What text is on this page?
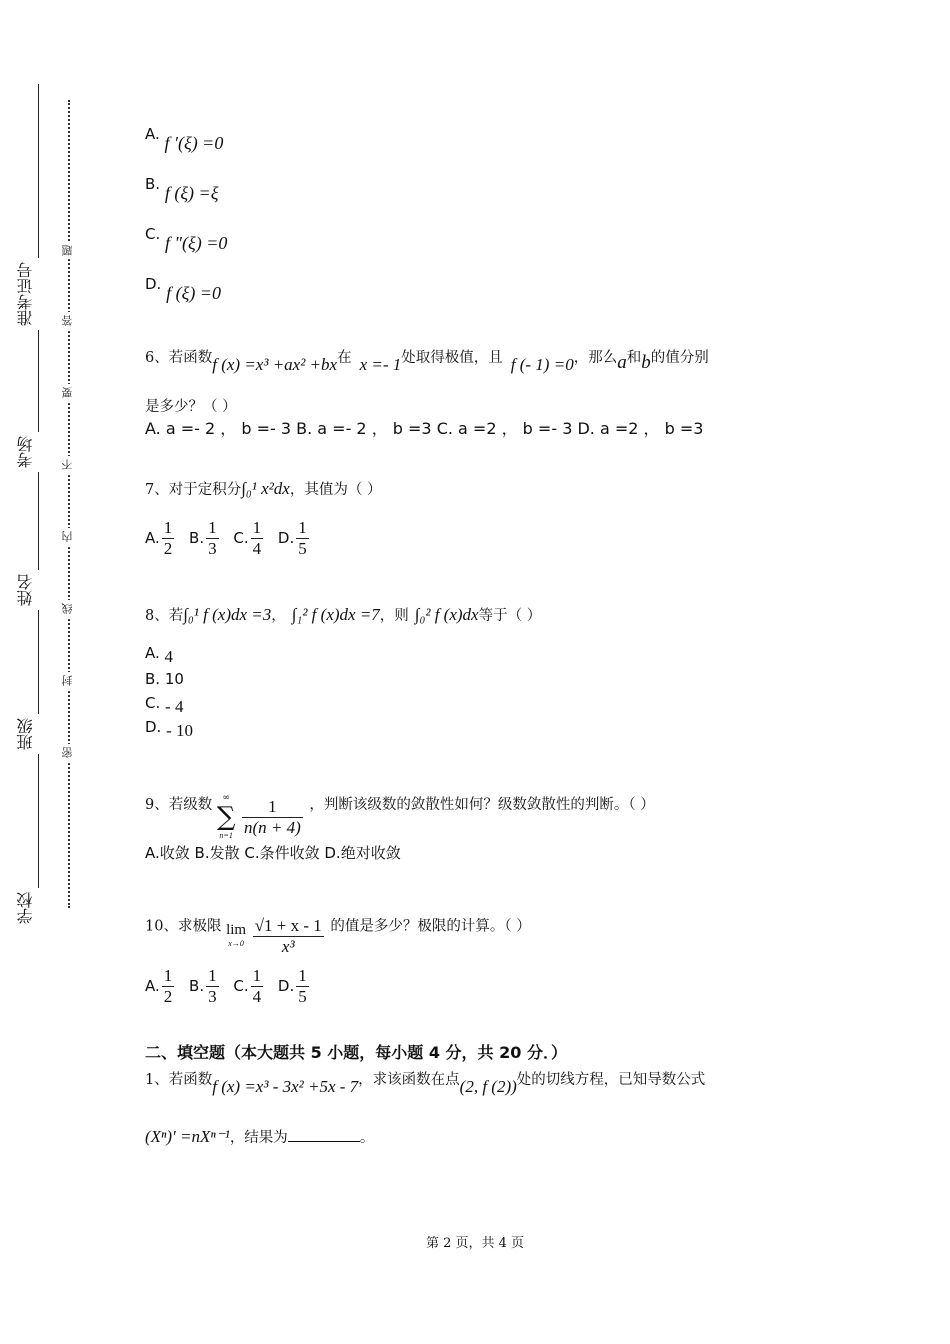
准考证号
考场
姓名
班级
学校
题
答
要
不
内
线
封
密
A. f ′(ξ) =0
B. f (ξ) =ξ
C. f ″(ξ) =0
D. f (ξ) =0
6、若函数f (x) =x³ +ax² +bx在 x =- 1处取得极值，且 f (- 1) =0，那么a和b的值分别
是多少？（ ）
A. a =- 2 ， b =- 3 B. a =- 2 ， b =3 C. a =2 ， b =- 3 D. a =2 ， b =3
7、对于定积分∫₀¹ x²dx，其值为（ ）
A. $\frac{1}{2} B$. $\frac{1}{3} C$. $\frac{1}{4} D$. $\frac{1}{5}$
8、若∫₀¹ f (x)dx =3， ∫₁² f (x)dx =7，则 ∫₀² f (x)dx等于（ ）
A. 4
B. 10
C. - 4
D. - 10
9、若级数	∞
∑
n=1
$\frac{1}{n(n + 4)}$ ，判断该级数的敛散性如何？级数敛散性的判断。（ ）
A.收敛 B.发散 C.条件收敛 D.绝对收敛
10、求极限 lim
x→0
$\frac{√1 + x - 1}{\text{x³}}$ 的值是多少？极限的计算。（ ）
A. $\frac{1}{2} B$. $\frac{1}{3} C$. $\frac{1}{4} D$. $\frac{1}{5}$
二、填空题（本大题共 5 小题，每小题 4 分，共 20 分．）
1、若函数f (x) =x³ - 3x² +5x - 7，求该函数在点(2, f (2))处的切线方程，已知导数公式
(Xⁿ)′ =nXⁿ⁻¹，结果为	。
第 2 页，共 4 页
